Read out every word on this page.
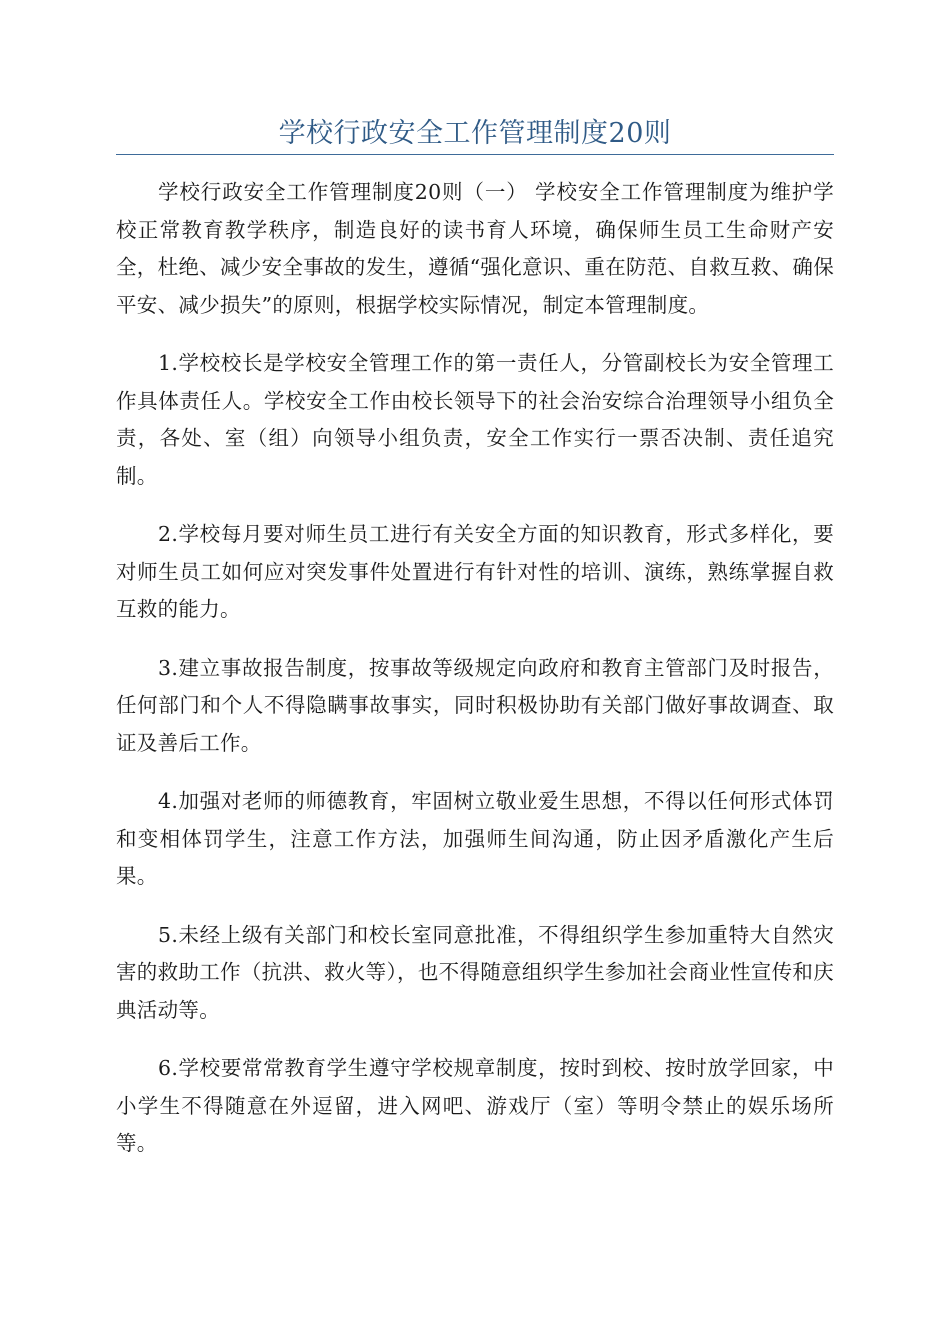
学校行政安全工作管理制度20则

学校行政安全工作管理制度20则（一） 学校安全工作管理制度为维护学校正常教育教学秩序，制造良好的读书育人环境，确保师生员工生命财产安全，杜绝、减少安全事故的发生，遵循“强化意识、重在防范、自救互救、确保平安、减少损失”的原则，根据学校实际情况，制定本管理制度。

1.学校校长是学校安全管理工作的第一责任人，分管副校长为安全管理工作具体责任人。学校安全工作由校长领导下的社会治安综合治理领导小组负全责，各处、室（组）向领导小组负责，安全工作实行一票否决制、责任追究制。

2.学校每月要对师生员工进行有关安全方面的知识教育，形式多样化，要对师生员工如何应对突发事件处置进行有针对性的培训、演练，熟练掌握自救互救的能力。

3.建立事故报告制度，按事故等级规定向政府和教育主管部门及时报告，任何部门和个人不得隐瞒事故事实，同时积极协助有关部门做好事故调查、取证及善后工作。

4.加强对老师的师德教育，牢固树立敬业爱生思想，不得以任何形式体罚和变相体罚学生，注意工作方法，加强师生间沟通，防止因矛盾激化产生后果。

5.未经上级有关部门和校长室同意批准，不得组织学生参加重特大自然灾害的救助工作（抗洪、救火等），也不得随意组织学生参加社会商业性宣传和庆典活动等。

6.学校要常常教育学生遵守学校规章制度，按时到校、按时放学回家，中小学生不得随意在外逗留，进入网吧、游戏厅（室）等明令禁止的娱乐场所等。
